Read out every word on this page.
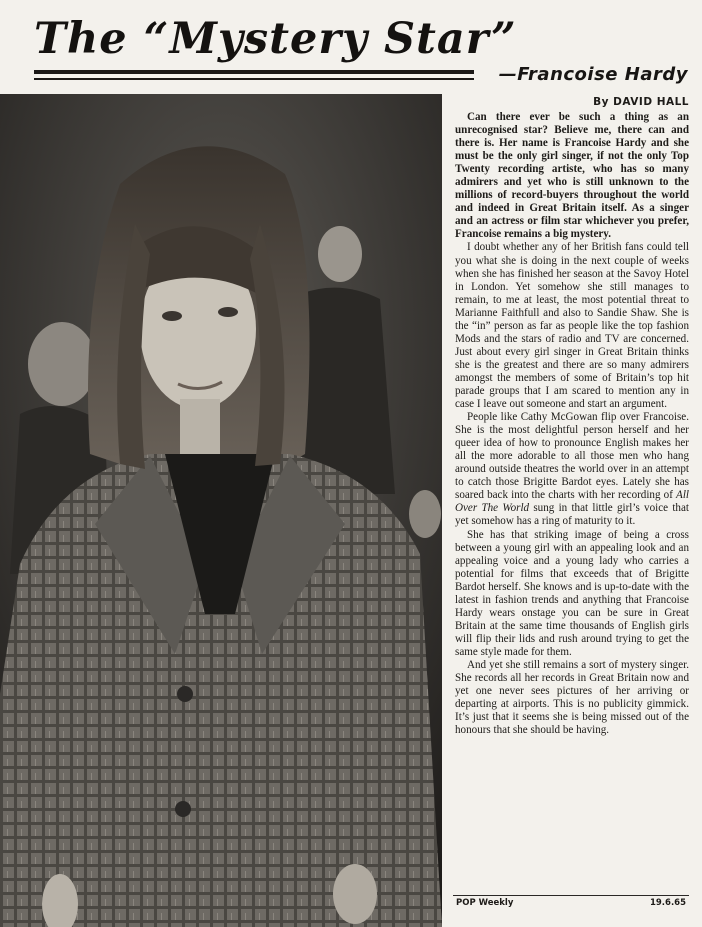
The “Mystery Star”
—Francoise Hardy
By DAVID HALL

Can there ever be such a thing as an unrecognised star? Believe me, there can and there is. Her name is Francoise Hardy and she must be the only girl singer, if not the only Top Twenty recording artiste, who has so many admirers and yet who is still unknown to the millions of record-buyers throughout the world and indeed in Great Britain itself. As a singer and an actress or film star whichever you prefer, Francoise remains a big mystery.

I doubt whether any of her British fans could tell you what she is doing in the next couple of weeks when she has finished her season at the Savoy Hotel in London. Yet somehow she still manages to remain, to me at least, the most potential threat to Marianne Faithfull and also to Sandie Shaw. She is the “in” person as far as people like the top fashion Mods and the stars of radio and TV are concerned. Just about every girl singer in Great Britain thinks she is the greatest and there are so many admirers amongst the members of some of Britain’s top hit parade groups that I am scared to mention any in case I leave out someone and start an argument.

People like Cathy McGowan flip over Francoise. She is the most delightful person herself and her queer idea of how to pronounce English makes her all the more adorable to all those men who hang around outside theatres the world over in an attempt to catch those Brigitte Bardot eyes. Lately she has soared back into the charts with her recording of All Over The World sung in that little girl’s voice that yet somehow has a ring of maturity to it.

She has that striking image of being a cross between a young girl with an appealing look and an appealing voice and a young lady who carries a potential for films that exceeds that of Brigitte Bardot herself. She knows and is up-to-date with the latest in fashion trends and anything that Francoise Hardy wears onstage you can be sure in Great Britain at the same time thousands of English girls will flip their lids and rush around trying to get the same style made for them.

And yet she still remains a sort of mystery singer. She records all her records in Great Britain now and yet one never sees pictures of her arriving or departing at airports. This is no publicity gimmick. It’s just that it seems she is being missed out of the honours that she should be having.

POP Weekly	19.6.65
